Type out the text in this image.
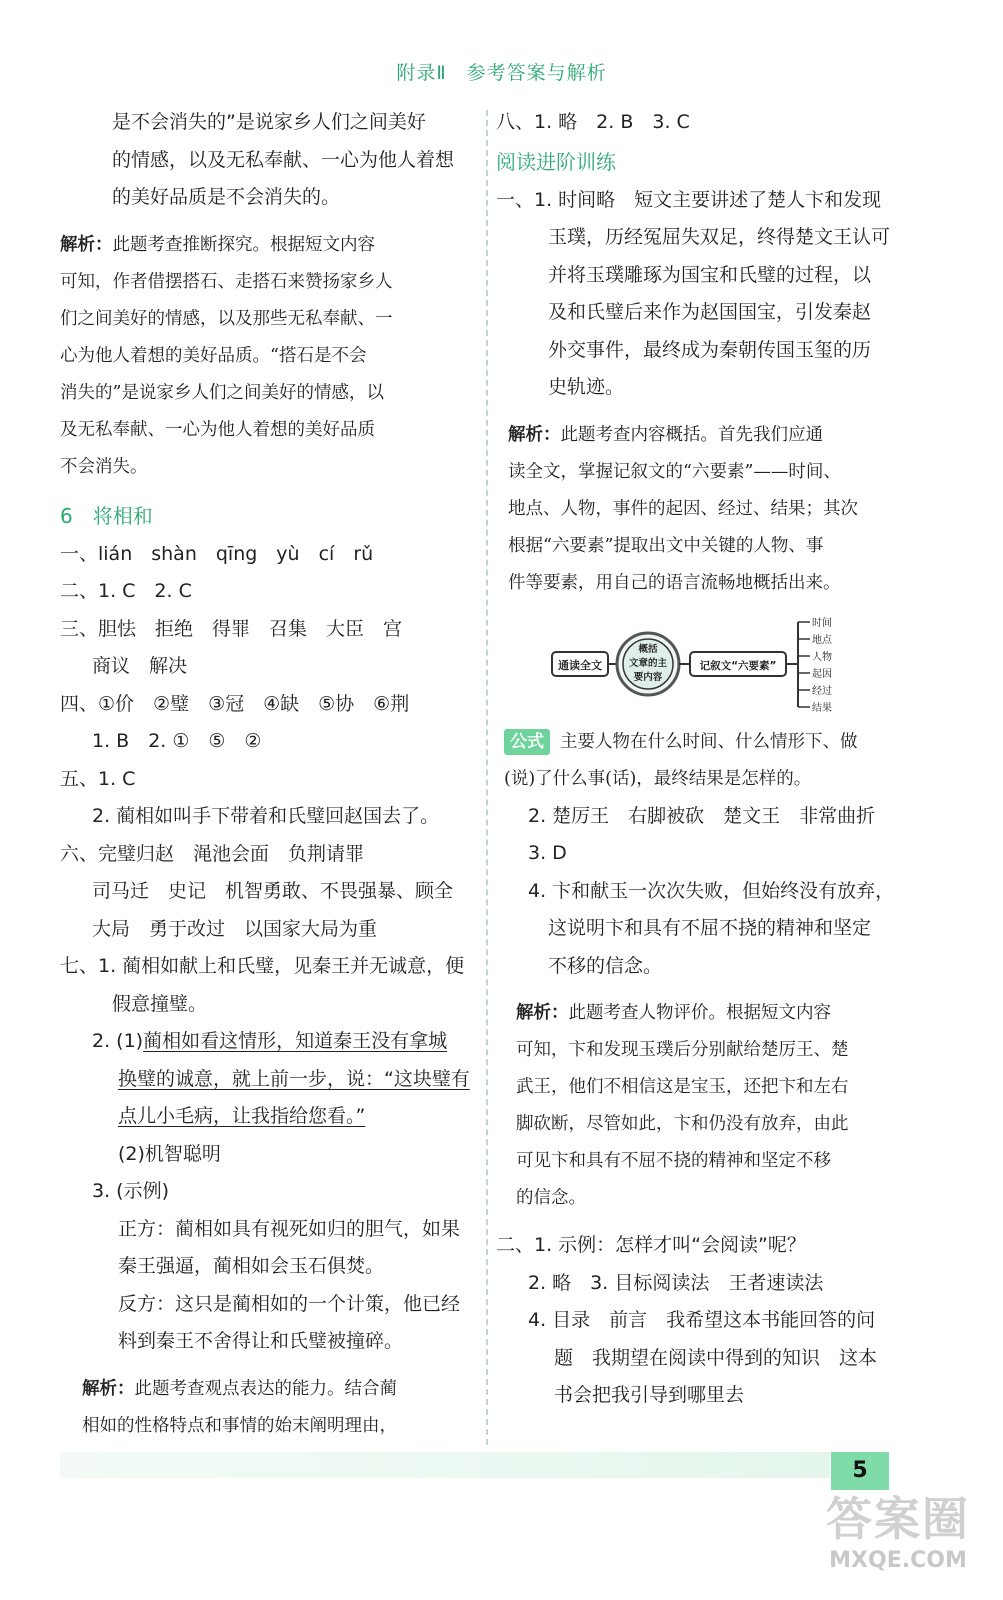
附录Ⅱ　参考答案与解析

是不会消失的”是说家乡人们之间美好

的情感，以及无私奉献、一心为他人着想

的美好品质是不会消失的。

解析：此题考查推断探究。根据短文内容

可知，作者借摆搭石、走搭石来赞扬家乡人

们之间美好的情感，以及那些无私奉献、一

心为他人着想的美好品质。“搭石是不会

消失的”是说家乡人们之间美好的情感，以

及无私奉献、一心为他人着想的美好品质

不会消失。

6　将相和

一、lián　shàn　qīng　yù　cí　rǔ

二、1. C　2. C

三、胆怯　拒绝　得罪　召集　大臣　宫

商议　解决

四、①价　②璧　③冠　④缺　⑤协　⑥荆

1. B　2. ①　⑤　②

五、1. C

2. 蔺相如叫手下带着和氏璧回赵国去了。

六、完璧归赵　渑池会面　负荆请罪

司马迁　史记　机智勇敢、不畏强暴、顾全

大局　勇于改过　以国家大局为重

七、1. 蔺相如献上和氏璧，见秦王并无诚意，便

假意撞璧。

2. (1)蔺相如看这情形，知道秦王没有拿城

换璧的诚意，就上前一步，说：“这块璧有

点儿小毛病，让我指给您看。”

(2)机智聪明

3. (示例)

正方：蔺相如具有视死如归的胆气，如果

秦王强逼，蔺相如会玉石俱焚。

反方：这只是蔺相如的一个计策，他已经

料到秦王不舍得让和氏璧被撞碎。

解析：此题考查观点表达的能力。结合蔺

相如的性格特点和事情的始末阐明理由，

八、1. 略　2. B　3. C

阅读进阶训练

一、1. 时间略　短文主要讲述了楚人卞和发现

玉璞，历经冤屈失双足，终得楚文王认可

并将玉璞雕琢为国宝和氏璧的过程，以

及和氏璧后来作为赵国国宝，引发秦赵

外交事件，最终成为秦朝传国玉玺的历

史轨迹。

解析：此题考查内容概括。首先我们应通

读全文，掌握记叙文的“六要素”——时间、

地点、人物，事件的起因、经过、结果；其次

根据“六要素”提取出文中关键的人物、事

件等要素，用自己的语言流畅地概括出来。

通读全文
概括
文章的主
要内容
记叙文“六要素”
时间
地点
人物
起因
经过
结果

公式 主要人物在什么时间、什么情形下、做

(说)了什么事(话)，最终结果是怎样的。

2. 楚厉王　右脚被砍　楚文王　非常曲折

3. D

4. 卞和献玉一次次失败，但始终没有放弃，

这说明卞和具有不屈不挠的精神和坚定

不移的信念。

解析：此题考查人物评价。根据短文内容

可知，卞和发现玉璞后分别献给楚厉王、楚

武王，他们不相信这是宝玉，还把卞和左右

脚砍断，尽管如此，卞和仍没有放弃，由此

可见卞和具有不屈不挠的精神和坚定不移

的信念。

二、1. 示例：怎样才叫“会阅读”呢？

2. 略　3. 目标阅读法　王者速读法

4. 目录　前言　我希望这本书能回答的问

题　我期望在阅读中得到的知识　这本

书会把我引导到哪里去

5
答案圈
MXQE.COM
